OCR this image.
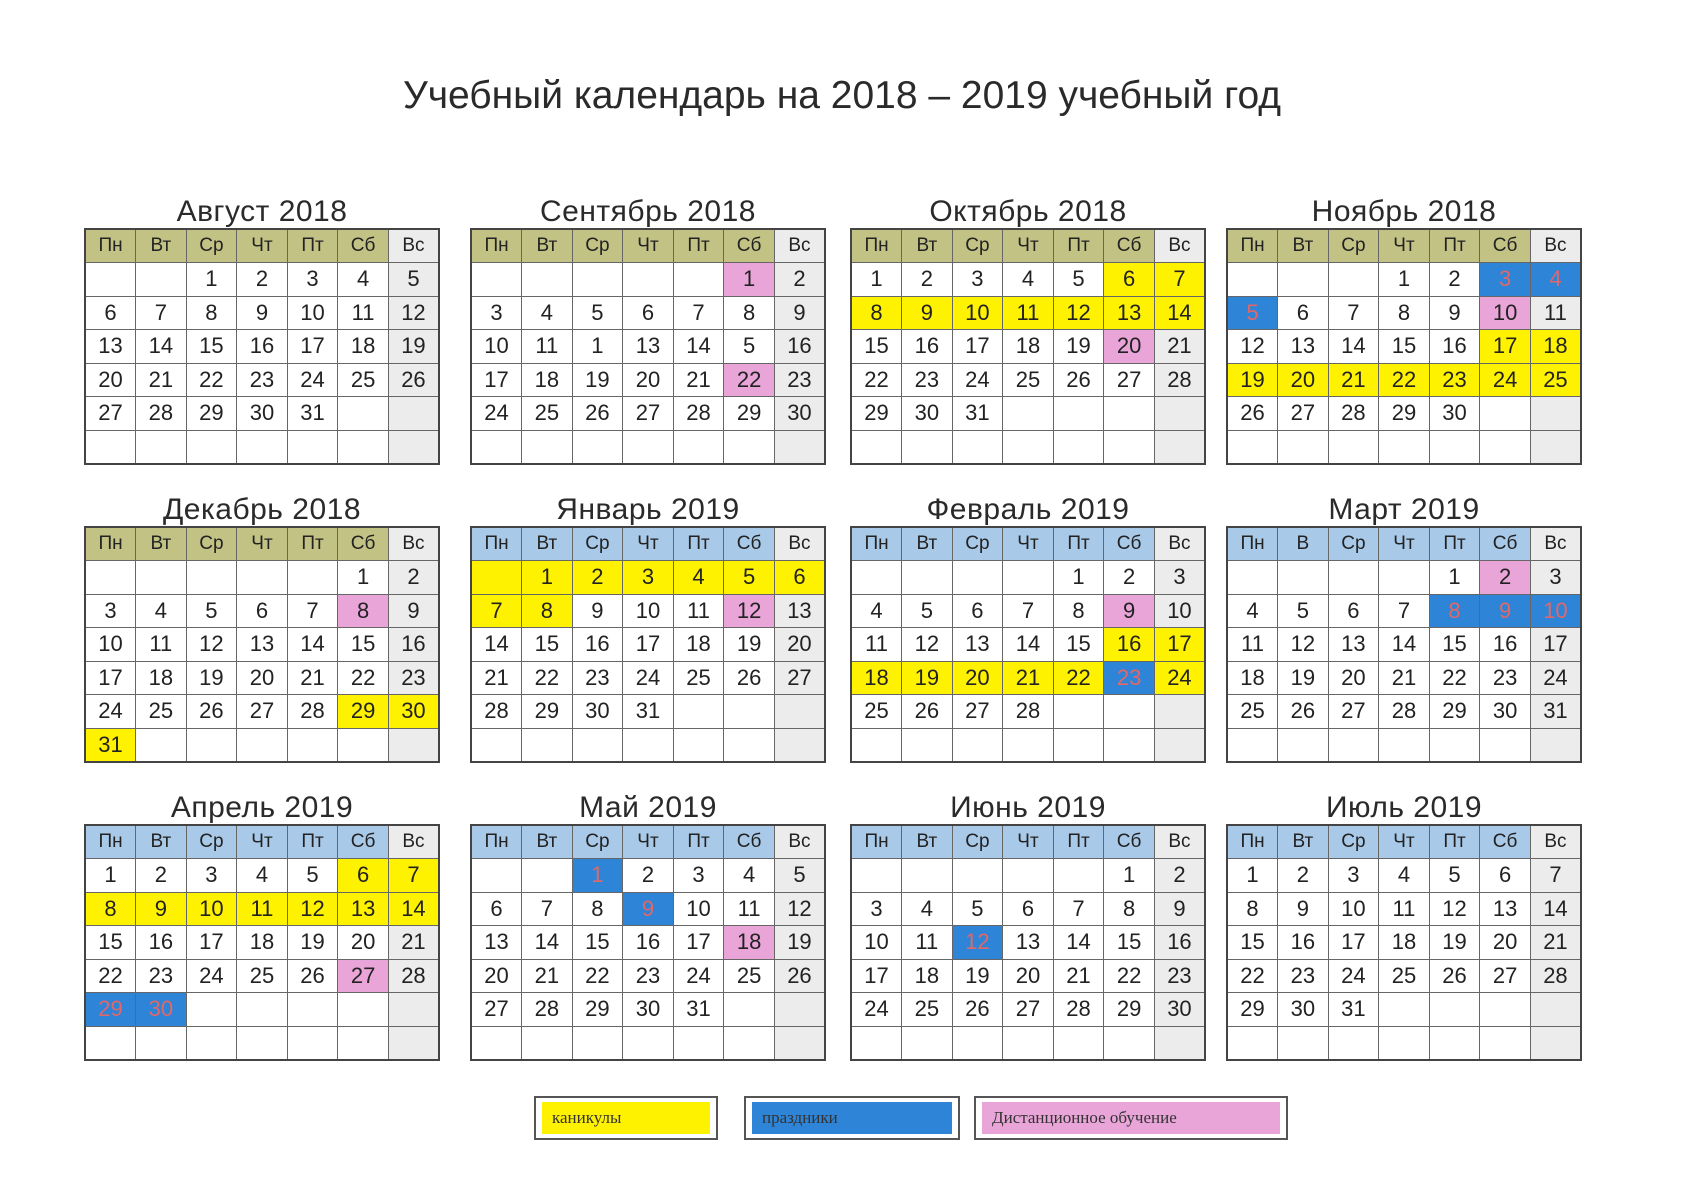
Учебный календарь на 2018 – 2019 учебный год
Август 2018
Пн	Вт	Ср	Чт	Пт	Сб	Вс
		1	2	3	4	5
6	7	8	9	10	11	12
13	14	15	16	17	18	19
20	21	22	23	24	25	26
27	28	29	30	31		

Сентябрь 2018
Пн	Вт	Ср	Чт	Пт	Сб	Вс
					1	2
3	4	5	6	7	8	9
10	11	1	13	14	5	16
17	18	19	20	21	22	23
24	25	26	27	28	29	30

Октябрь 2018
Пн	Вт	Ср	Чт	Пт	Сб	Вс
1	2	3	4	5	6	7
8	9	10	11	12	13	14
15	16	17	18	19	20	21
22	23	24	25	26	27	28
29	30	31				

Ноябрь 2018
Пн	Вт	Ср	Чт	Пт	Сб	Вс
			1	2	3	4
5	6	7	8	9	10	11
12	13	14	15	16	17	18
19	20	21	22	23	24	25
26	27	28	29	30		

Декабрь 2018
Пн	Вт	Ср	Чт	Пт	Сб	Вс
					1	2
3	4	5	6	7	8	9
10	11	12	13	14	15	16
17	18	19	20	21	22	23
24	25	26	27	28	29	30
31						
Январь 2019
Пн	Вт	Ср	Чт	Пт	Сб	Вс
	1	2	3	4	5	6
7	8	9	10	11	12	13
14	15	16	17	18	19	20
21	22	23	24	25	26	27
28	29	30	31			

Февраль 2019
Пн	Вт	Ср	Чт	Пт	Сб	Вс
				1	2	3
4	5	6	7	8	9	10
11	12	13	14	15	16	17
18	19	20	21	22	23	24
25	26	27	28			

Март 2019
Пн	В	Ср	Чт	Пт	Сб	Вс
				1	2	3
4	5	6	7	8	9	10
11	12	13	14	15	16	17
18	19	20	21	22	23	24
25	26	27	28	29	30	31

Апрель 2019
Пн	Вт	Ср	Чт	Пт	Сб	Вс
1	2	3	4	5	6	7
8	9	10	11	12	13	14
15	16	17	18	19	20	21
22	23	24	25	26	27	28
29	30					

Май 2019
Пн	Вт	Ср	Чт	Пт	Сб	Вс
		1	2	3	4	5
6	7	8	9	10	11	12
13	14	15	16	17	18	19
20	21	22	23	24	25	26
27	28	29	30	31		

Июнь 2019
Пн	Вт	Ср	Чт	Пт	Сб	Вс
					1	2
3	4	5	6	7	8	9
10	11	12	13	14	15	16
17	18	19	20	21	22	23
24	25	26	27	28	29	30

Июль 2019
Пн	Вт	Ср	Чт	Пт	Сб	Вс
1	2	3	4	5	6	7
8	9	10	11	12	13	14
15	16	17	18	19	20	21
22	23	24	25	26	27	28
29	30	31				

каникулы	праздники	Дистанционное обучение
